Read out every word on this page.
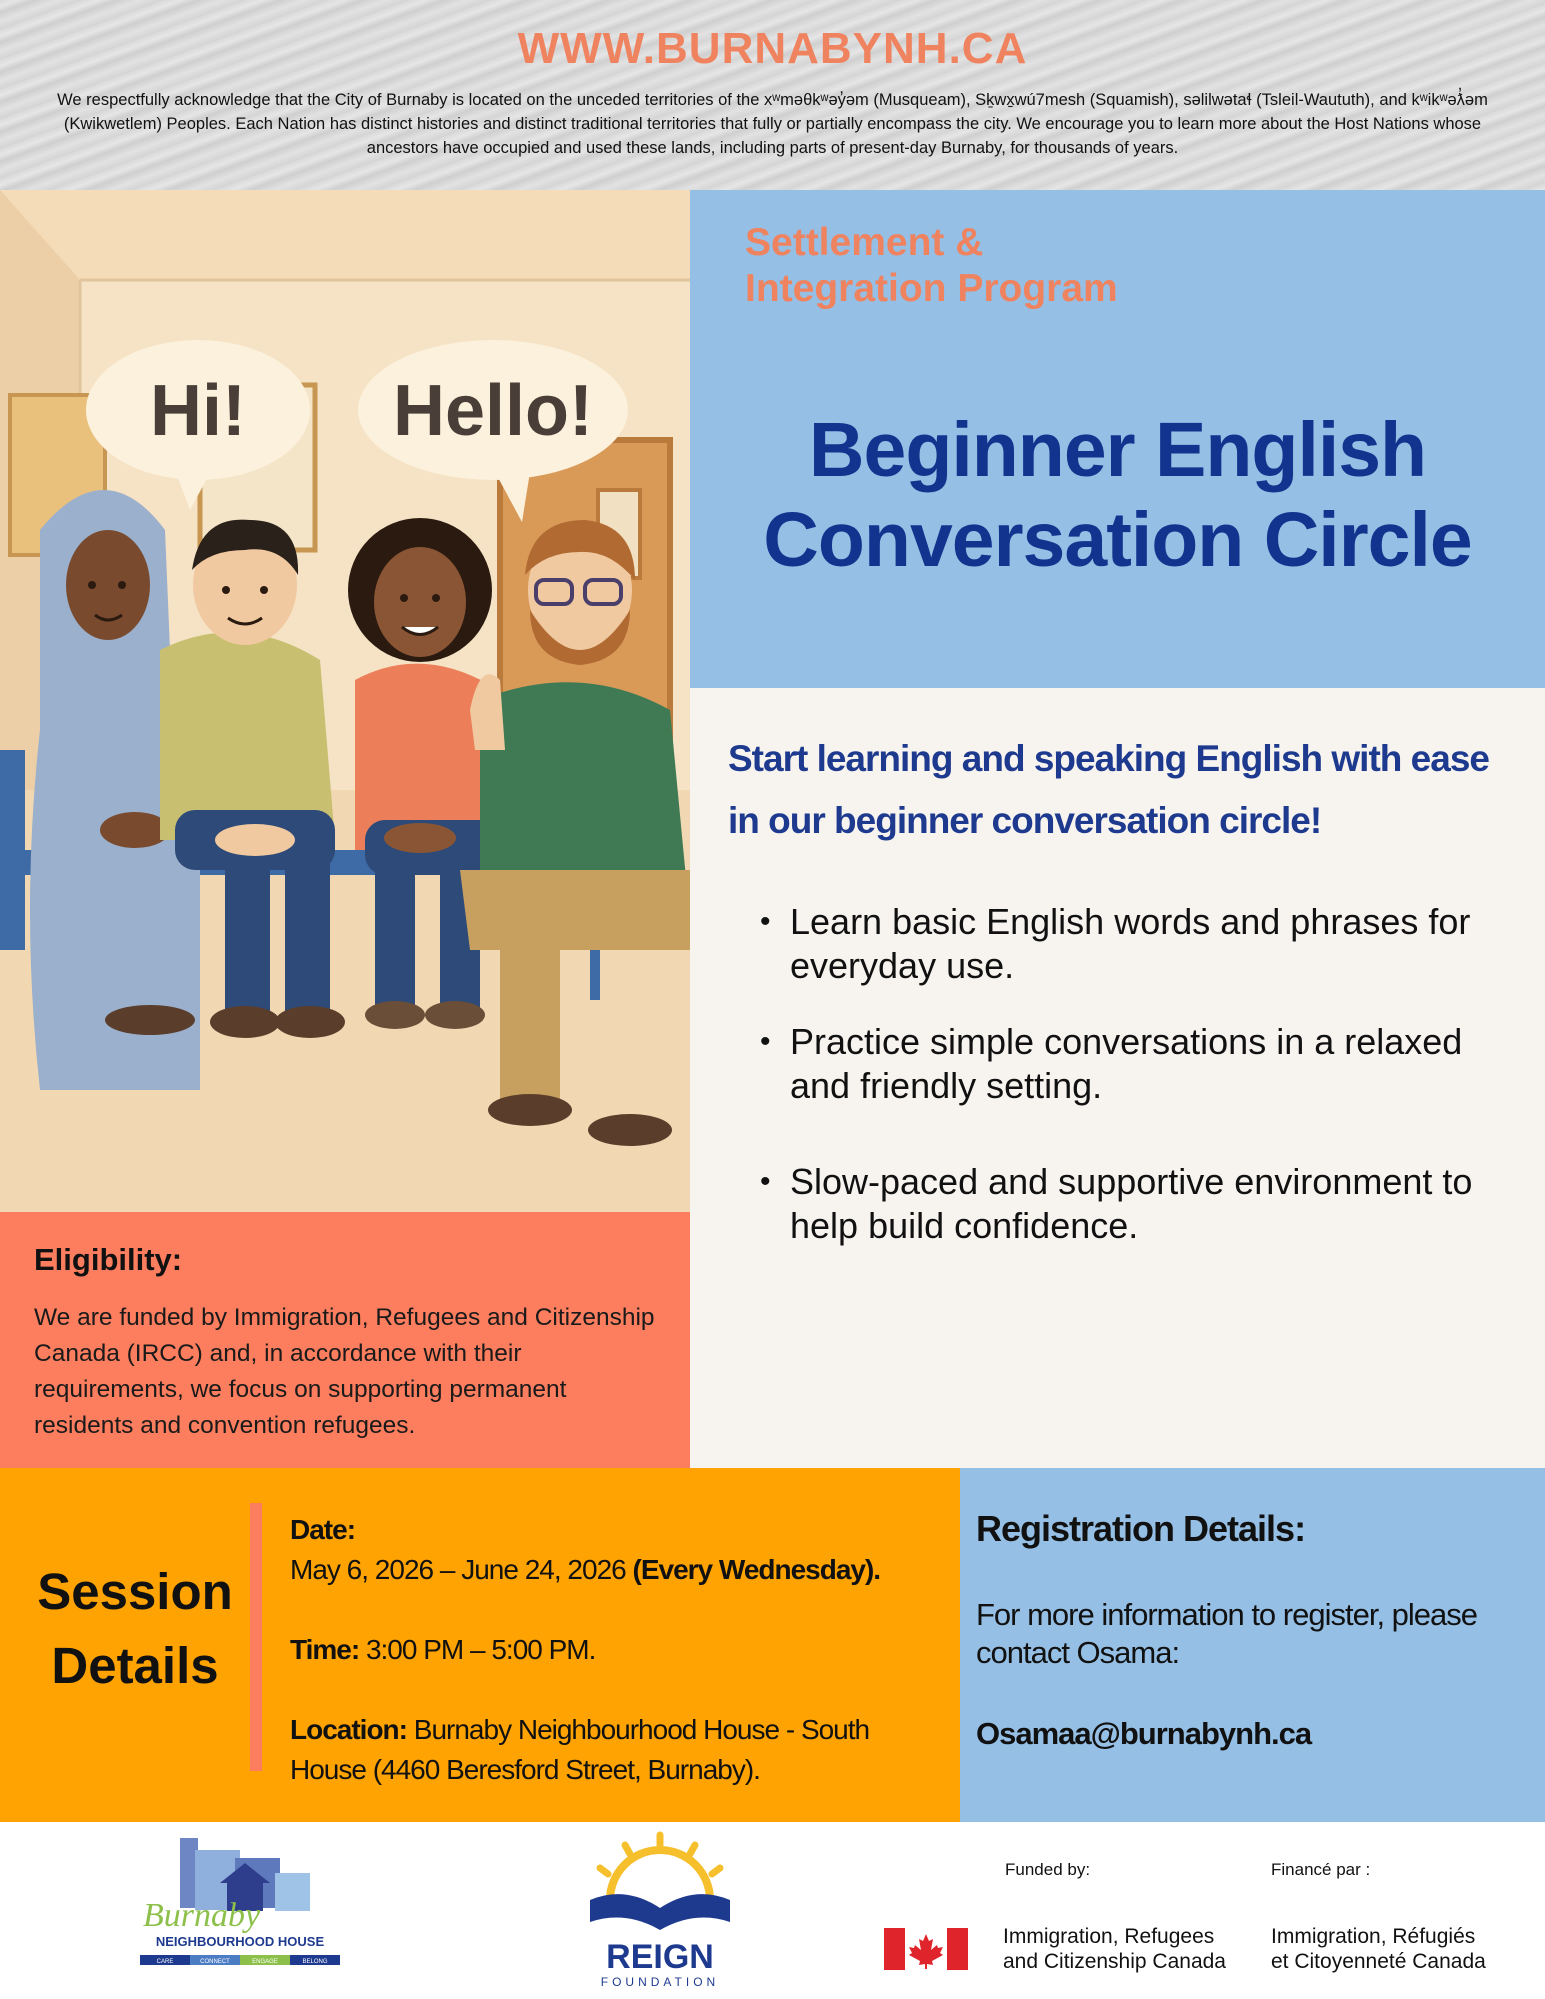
WWW.BURNABYNH.CA
We respectfully acknowledge that the City of Burnaby is located on the unceded territories of the xʷməθkʷəy̓əm (Musqueam), Sḵwx̱wú7mesh (Squamish), səlilwətaɬ (Tsleil-Waututh), and kʷikʷəƛ̓əm (Kwikwetlem) Peoples. Each Nation has distinct histories and distinct traditional territories that fully or partially encompass the city. We encourage you to learn more about the Host Nations whose ancestors have occupied and used these lands, including parts of present-day Burnaby, for thousands of years.
Hi! Hello!
Eligibility:
We are funded by Immigration, Refugees and Citizenship Canada (IRCC) and, in accordance with their requirements, we focus on supporting permanent residents and convention refugees.
Settlement &
Integration Program
Beginner English
Conversation Circle
Start learning and speaking English with ease in our beginner conversation circle!
• Learn basic English words and phrases for everyday use.
• Practice simple conversations in a relaxed and friendly setting.
• Slow-paced and supportive environment to help build confidence.
Session
Details
Date:
May 6, 2026 – June 24, 2026 (Every Wednesday).
Time: 3:00 PM – 5:00 PM.
Location: Burnaby Neighbourhood House - South House (4460 Beresford Street, Burnaby).
Registration Details:
For more information to register, please contact Osama:
Osamaa@burnabynh.ca
Burnaby
NEIGHBOURHOOD HOUSE
CARE	CONNECT	ENGAGE	BELONG	REIGN
FOUNDATION
Funded by:	Financé par :
Immigration, Refugees
and Citizenship Canada
Immigration, Réfugiés
et Citoyenneté Canada
